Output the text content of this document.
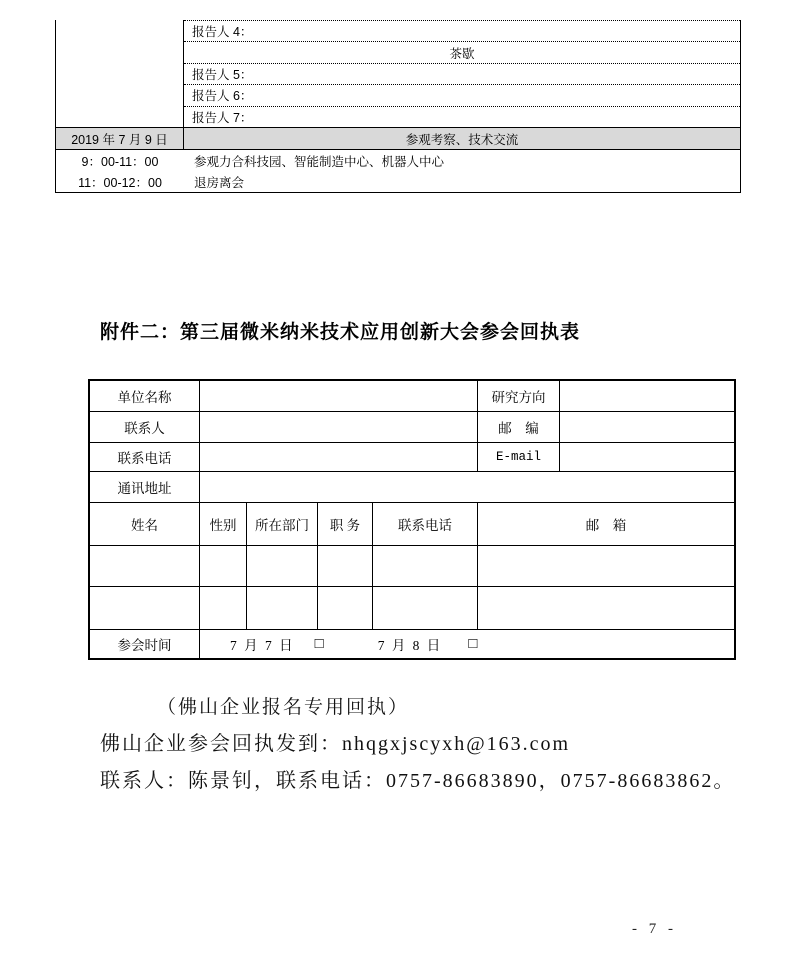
报告人 4：
茶歇
报告人 5：
报告人 6：
报告人 7：
2019 年 7 月 9 日	参观考察、技术交流
9：00-11：00	参观力合科技园、智能制造中心、机器人中心
11：00-12：00	退房离会
附件二：第三届微米纳米技术应用创新大会参会回执表
单位名称	研究方向
联系人	邮　编
联系电话	E-mail
通讯地址
姓名	性别	所在部门	职 务	联系电话	邮　箱
参会时间	7 月 7 日 □	7 月 8 日 □
（佛山企业报名专用回执）
佛山企业参会回执发到：nhqgxjscyxh@163.com
联系人：陈景钊，联系电话：0757-86683890，0757-86683862。
- 7 -
